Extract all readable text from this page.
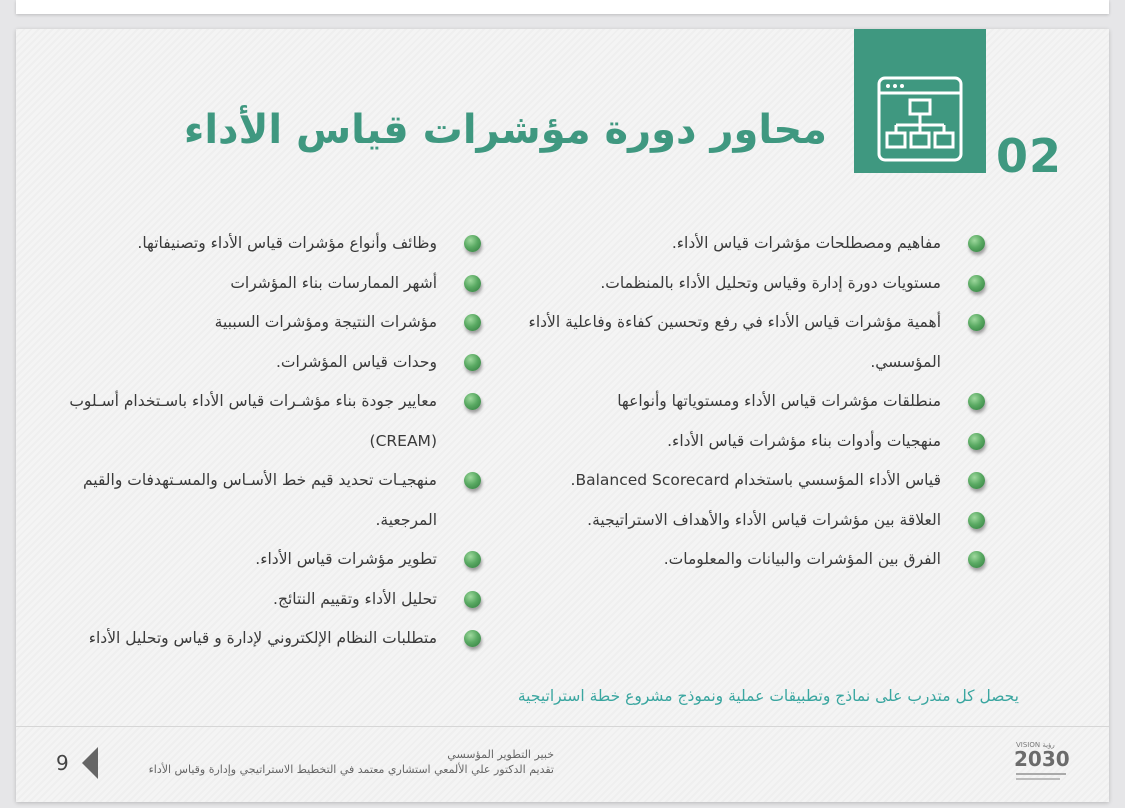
02
محاور دورة مؤشرات قياس الأداء
مفاهيم ومصطلحات مؤشرات قياس الأداء.
مستويات دورة إدارة وقياس وتحليل الأداء بالمنظمات.
أهمية مؤشرات قياس الأداء في رفع وتحسين كفاءة وفاعلية الأداء المؤسسي.
منطلقات مؤشرات قياس الأداء ومستوياتها وأنواعها
منهجيات وأدوات بناء مؤشرات قياس الأداء.
قياس الأداء المؤسسي باستخدام Balanced Scorecard.
العلاقة بين مؤشرات قياس الأداء والأهداف الاستراتيجية.
الفرق بين المؤشرات والبيانات والمعلومات.
وظائف وأنواع مؤشرات قياس الأداء وتصنيفاتها.
أشهر الممارسات بناء المؤشرات
مؤشرات النتيجة ومؤشرات السببية
وحدات قياس المؤشرات.
معايير جودة بناء مؤشـرات قياس الأداء باسـتخدام أسـلوب (CREAM)
منهجيـات تحديد قيم خط الأسـاس والمسـتهدفات والقيم المرجعية.
تطوير مؤشرات قياس الأداء.
تحليل الأداء وتقييم النتائج.
متطلبات النظام الإلكتروني لإدارة و قياس وتحليل الأداء
يحصل كل متدرب على نماذج وتطبيقات عملية ونموذج مشروع خطة استراتيجية
9	خبير التطوير المؤسسي
تقديم الدكتور علي الألمعي استشاري معتمد في التخطيط الاستراتيجي وإدارة وقياس الأداء
VISION رؤية
2030
